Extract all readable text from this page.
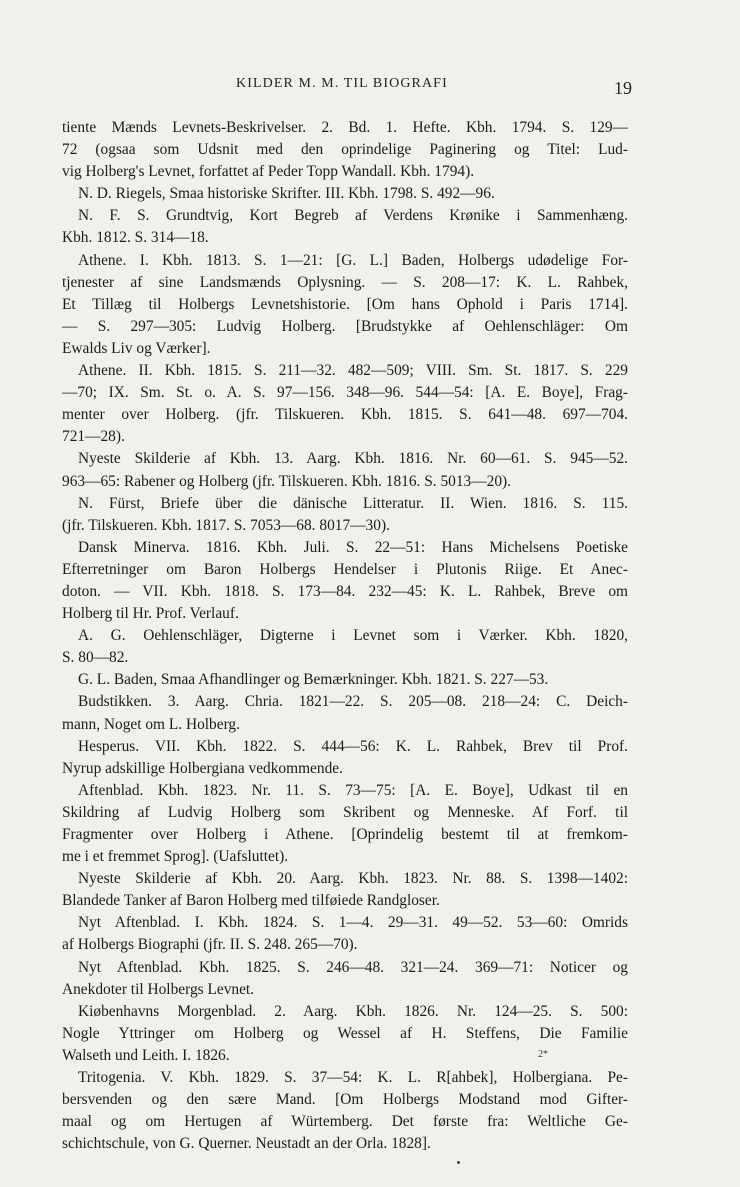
KILDER M. M. TIL BIOGRAFI	19
tiente Mænds Levnets-Beskrivelser. 2. Bd. 1. Hefte. Kbh. 1794. S. 129—
72 (ogsaa som Udsnit med den oprindelige Paginering og Titel: Lud-
vig Holberg's Levnet, forfattet af Peder Topp Wandall. Kbh. 1794).
N. D. Riegels, Smaa historiske Skrifter. III. Kbh. 1798. S. 492—96.
N. F. S. Grundtvig, Kort Begreb af Verdens Krønike i Sammenhæng.
Kbh. 1812. S. 314—18.
Athene. I. Kbh. 1813. S. 1—21: [G. L.] Baden, Holbergs udødelige For-
tjenester af sine Landsmænds Oplysning. — S. 208—17: K. L. Rahbek,
Et Tillæg til Holbergs Levnetshistorie. [Om hans Ophold i Paris 1714].
— S. 297—305: Ludvig Holberg. [Brudstykke af Oehlenschläger: Om
Ewalds Liv og Værker].
Athene. II. Kbh. 1815. S. 211—32. 482—509; VIII. Sm. St. 1817. S. 229
—70; IX. Sm. St. o. A. S. 97—156. 348—96. 544—54: [A. E. Boye], Frag-
menter over Holberg. (jfr. Tilskueren. Kbh. 1815. S. 641—48. 697—704.
721—28).
Nyeste Skilderie af Kbh. 13. Aarg. Kbh. 1816. Nr. 60—61. S. 945—52.
963—65: Rabener og Holberg (jfr. Tilskueren. Kbh. 1816. S. 5013—20).
N. Fürst, Briefe über die dänische Litteratur. II. Wien. 1816. S. 115.
(jfr. Tilskueren. Kbh. 1817. S. 7053—68. 8017—30).
Dansk Minerva. 1816. Kbh. Juli. S. 22—51: Hans Michelsens Poetiske
Efterretninger om Baron Holbergs Hendelser i Plutonis Riige. Et Anec-
doton. — VII. Kbh. 1818. S. 173—84. 232—45: K. L. Rahbek, Breve om
Holberg til Hr. Prof. Verlauf.
A. G. Oehlenschläger, Digterne i Levnet som i Værker. Kbh. 1820,
S. 80—82.
G. L. Baden, Smaa Afhandlinger og Bemærkninger. Kbh. 1821. S. 227—53.
Budstikken. 3. Aarg. Chria. 1821—22. S. 205—08. 218—24: C. Deich-
mann, Noget om L. Holberg.
Hesperus. VII. Kbh. 1822. S. 444—56: K. L. Rahbek, Brev til Prof.
Nyrup adskillige Holbergiana vedkommende.
Aftenblad. Kbh. 1823. Nr. 11. S. 73—75: [A. E. Boye], Udkast til en
Skildring af Ludvig Holberg som Skribent og Menneske. Af Forf. til
Fragmenter over Holberg i Athene. [Oprindelig bestemt til at fremkom-
me i et fremmet Sprog]. (Uafsluttet).
Nyeste Skilderie af Kbh. 20. Aarg. Kbh. 1823. Nr. 88. S. 1398—1402:
Blandede Tanker af Baron Holberg med tilføiede Randgloser.
Nyt Aftenblad. I. Kbh. 1824. S. 1—4. 29—31. 49—52. 53—60: Omrids
af Holbergs Biographi (jfr. II. S. 248. 265—70).
Nyt Aftenblad. Kbh. 1825. S. 246—48. 321—24. 369—71: Noticer og
Anekdoter til Holbergs Levnet.
Kiøbenhavns Morgenblad. 2. Aarg. Kbh. 1826. Nr. 124—25. S. 500:
Nogle Yttringer om Holberg og Wessel af H. Steffens, Die Familie
Walseth und Leith. I. 1826.
Tritogenia. V. Kbh. 1829. S. 37—54: K. L. R[ahbek], Holbergiana. Pe-
bersvenden og den sære Mand. [Om Holbergs Modstand mod Gifter-
maal og om Hertugen af Würtemberg. Det første fra: Weltliche Ge-
schichtschule, von G. Querner. Neustadt an der Orla. 1828].
2*
